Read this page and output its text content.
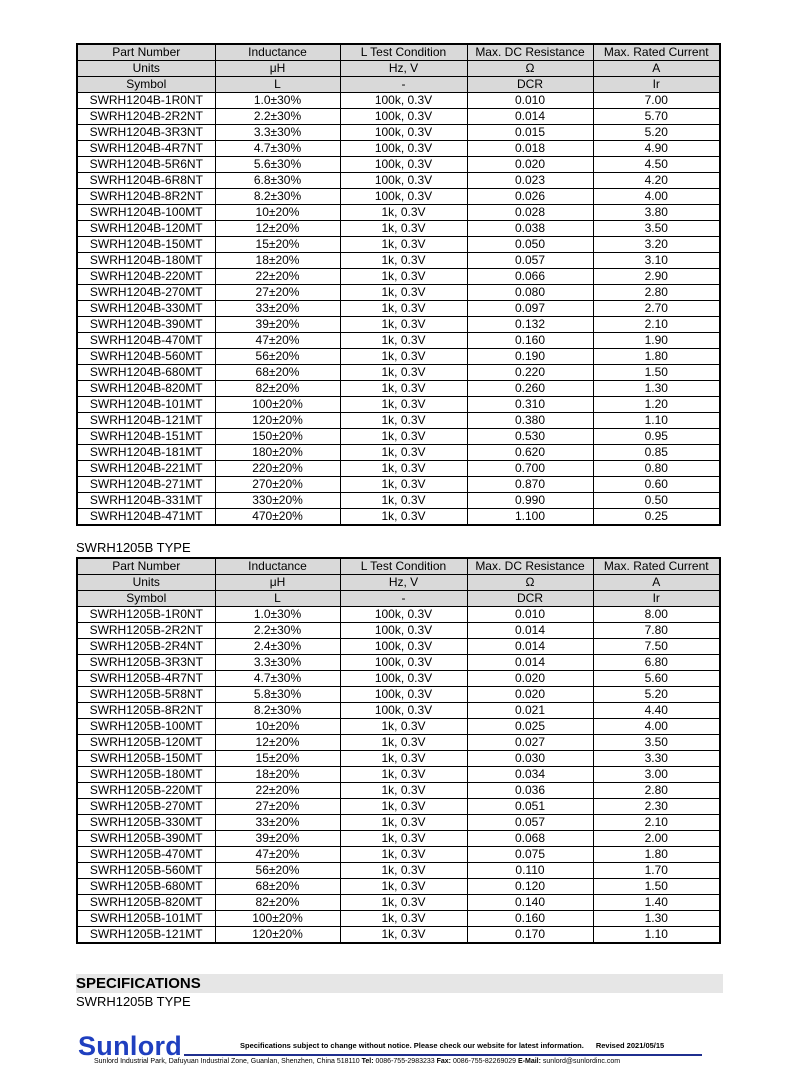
Part Number	Inductance	L Test Condition	Max. DC Resistance	Max. Rated Current
Units	μH	Hz, V	Ω	A
Symbol	L	-	DCR	Ir
SWRH1204B-1R0NT	1.0±30%	100k, 0.3V	0.010	7.00
SWRH1204B-2R2NT	2.2±30%	100k, 0.3V	0.014	5.70
SWRH1204B-3R3NT	3.3±30%	100k, 0.3V	0.015	5.20
SWRH1204B-4R7NT	4.7±30%	100k, 0.3V	0.018	4.90
SWRH1204B-5R6NT	5.6±30%	100k, 0.3V	0.020	4.50
SWRH1204B-6R8NT	6.8±30%	100k, 0.3V	0.023	4.20
SWRH1204B-8R2NT	8.2±30%	100k, 0.3V	0.026	4.00
SWRH1204B-100MT	10±20%	1k, 0.3V	0.028	3.80
SWRH1204B-120MT	12±20%	1k, 0.3V	0.038	3.50
SWRH1204B-150MT	15±20%	1k, 0.3V	0.050	3.20
SWRH1204B-180MT	18±20%	1k, 0.3V	0.057	3.10
SWRH1204B-220MT	22±20%	1k, 0.3V	0.066	2.90
SWRH1204B-270MT	27±20%	1k, 0.3V	0.080	2.80
SWRH1204B-330MT	33±20%	1k, 0.3V	0.097	2.70
SWRH1204B-390MT	39±20%	1k, 0.3V	0.132	2.10
SWRH1204B-470MT	47±20%	1k, 0.3V	0.160	1.90
SWRH1204B-560MT	56±20%	1k, 0.3V	0.190	1.80
SWRH1204B-680MT	68±20%	1k, 0.3V	0.220	1.50
SWRH1204B-820MT	82±20%	1k, 0.3V	0.260	1.30
SWRH1204B-101MT	100±20%	1k, 0.3V	0.310	1.20
SWRH1204B-121MT	120±20%	1k, 0.3V	0.380	1.10
SWRH1204B-151MT	150±20%	1k, 0.3V	0.530	0.95
SWRH1204B-181MT	180±20%	1k, 0.3V	0.620	0.85
SWRH1204B-221MT	220±20%	1k, 0.3V	0.700	0.80
SWRH1204B-271MT	270±20%	1k, 0.3V	0.870	0.60
SWRH1204B-331MT	330±20%	1k, 0.3V	0.990	0.50
SWRH1204B-471MT	470±20%	1k, 0.3V	1.100	0.25
SWRH1205B TYPE
Part Number	Inductance	L Test Condition	Max. DC Resistance	Max. Rated Current
Units	μH	Hz, V	Ω	A
Symbol	L	-	DCR	Ir
SWRH1205B-1R0NT	1.0±30%	100k, 0.3V	0.010	8.00
SWRH1205B-2R2NT	2.2±30%	100k, 0.3V	0.014	7.80
SWRH1205B-2R4NT	2.4±30%	100k, 0.3V	0.014	7.50
SWRH1205B-3R3NT	3.3±30%	100k, 0.3V	0.014	6.80
SWRH1205B-4R7NT	4.7±30%	100k, 0.3V	0.020	5.60
SWRH1205B-5R8NT	5.8±30%	100k, 0.3V	0.020	5.20
SWRH1205B-8R2NT	8.2±30%	100k, 0.3V	0.021	4.40
SWRH1205B-100MT	10±20%	1k, 0.3V	0.025	4.00
SWRH1205B-120MT	12±20%	1k, 0.3V	0.027	3.50
SWRH1205B-150MT	15±20%	1k, 0.3V	0.030	3.30
SWRH1205B-180MT	18±20%	1k, 0.3V	0.034	3.00
SWRH1205B-220MT	22±20%	1k, 0.3V	0.036	2.80
SWRH1205B-270MT	27±20%	1k, 0.3V	0.051	2.30
SWRH1205B-330MT	33±20%	1k, 0.3V	0.057	2.10
SWRH1205B-390MT	39±20%	1k, 0.3V	0.068	2.00
SWRH1205B-470MT	47±20%	1k, 0.3V	0.075	1.80
SWRH1205B-560MT	56±20%	1k, 0.3V	0.110	1.70
SWRH1205B-680MT	68±20%	1k, 0.3V	0.120	1.50
SWRH1205B-820MT	82±20%	1k, 0.3V	0.140	1.40
SWRH1205B-101MT	100±20%	1k, 0.3V	0.160	1.30
SWRH1205B-121MT	120±20%	1k, 0.3V	0.170	1.10
SPECIFICATIONS
SWRH1205B TYPE
Sunlord	Specifications subject to change without notice. Please check our website for latest information. Revised 2021/05/15
Sunlord Industrial Park, Dafuyuan Industrial Zone, Guanlan, Shenzhen, China 518110 Tel: 0086-755-2983233 Fax: 0086-755-82269029 E-Mail: sunlord@sunlordinc.com
